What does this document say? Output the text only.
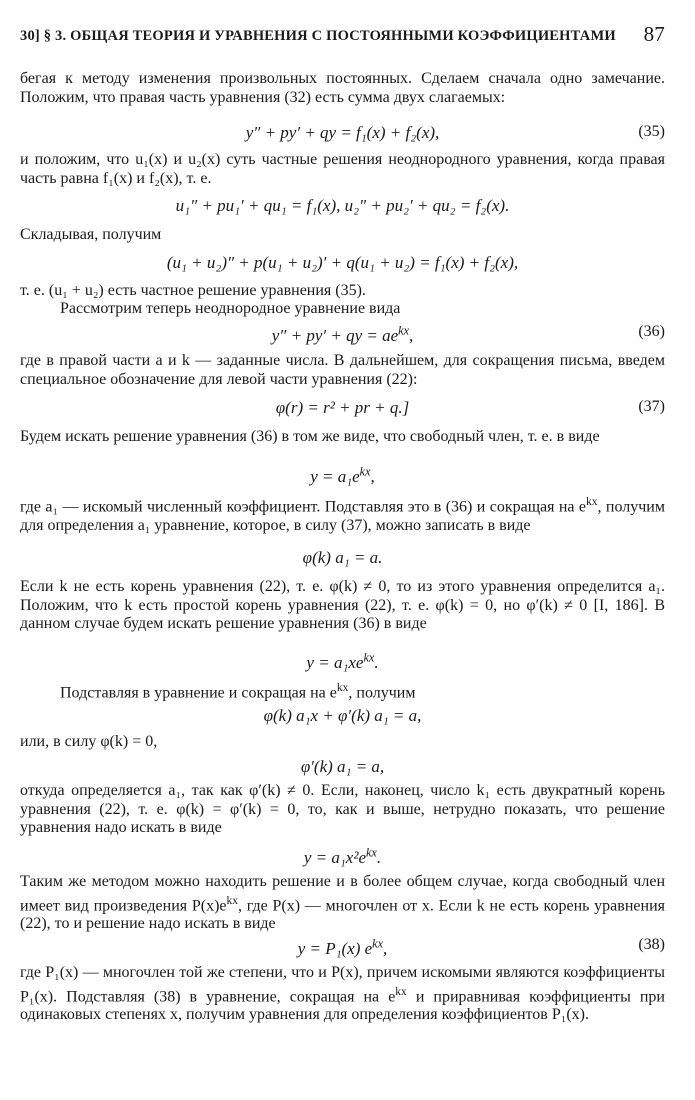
30] § 3. ОБЩАЯ ТЕОРИЯ И УРАВНЕНИЯ С ПОСТОЯННЫМИ КОЭФФИЦИЕНТАМИ 87
бегая к методу изменения произвольных постоянных. Сделаем сначала одно замечание. Положим, что правая часть уравнения (32) есть сумма двух слагаемых:
y″ + py′ + qy = f₁(x) + f₂(x),	(35)
и положим, что u₁(x) и u₂(x) суть частные решения неоднородного уравнения, когда правая часть равна f₁(x) и f₂(x), т. е.
u₁″ + pu₁′ + qu₁ = f₁(x), u₂″ + pu₂′ + qu₂ = f₂(x).
Складывая, получим
(u₁ + u₂)″ + p(u₁ + u₂)′ + q(u₁ + u₂) = f₁(x) + f₂(x),
т. е. (u₁ + u₂) есть частное решение уравнения (35).
Рассмотрим теперь неоднородное уравнение вида
y″ + py′ + qy = $ae^{kx}$,	(36)
где в правой части a и k — заданные числа. В дальнейшем, для сокращения письма, введем специальное обозначение для левой части уравнения (22):
φ(r) = r² + pr + q.]	(37)
Будем искать решение уравнения (36) в том же виде, что свободный член, т. е. в виде
$y = a_1e^{kx}$,
где a₁ — искомый численный коэффициент. Подставляя это в (36) и сокращая на $e^{kx}$, получим для определения a₁ уравнение, которое, в силу (37), можно записать в виде
φ(k) a₁ = a.
Если k не есть корень уравнения (22), т. е. φ(k) ≠ 0, то из этого уравнения определится a₁. Положим, что k есть простой корень уравнения (22), т. е. φ(k) = 0, но φ′(k) ≠ 0 [I, 186]. В данном случае будем искать решение уравнения (36) в виде
$y = a_1xe^{kx}$.
Подставляя в уравнение и сокращая на $e^{kx}$, получим
φ(k) a₁x + φ′(k) a₁ = a,
или, в силу φ(k) = 0,
φ′(k) a₁ = a,
откуда определяется a₁, так как φ′(k) ≠ 0. Если, наконец, число k₁ есть двукратный корень уравнения (22), т. е. φ(k) = φ′(k) = 0, то, как и выше, нетрудно показать, что решение уравнения надо искать в виде
$y = a_1x^2e^{kx}$.
Таким же методом можно находить решение и в более общем случае, когда свободный член имеет вид произведения $P(x)e^{kx}$, где P(x) — многочлен от x. Если k не есть корень уравнения (22), то и решение надо искать в виде
y = P₁(x) $e^{kx}$,	(38)
где P₁(x) — многочлен той же степени, что и P(x), причем искомыми являются коэффициенты P₁(x). Подставляя (38) в уравнение, сокращая на $e^{kx}$ и приравнивая коэффициенты при одинаковых степенях x, получим уравнения для определения коэффициентов P₁(x).
